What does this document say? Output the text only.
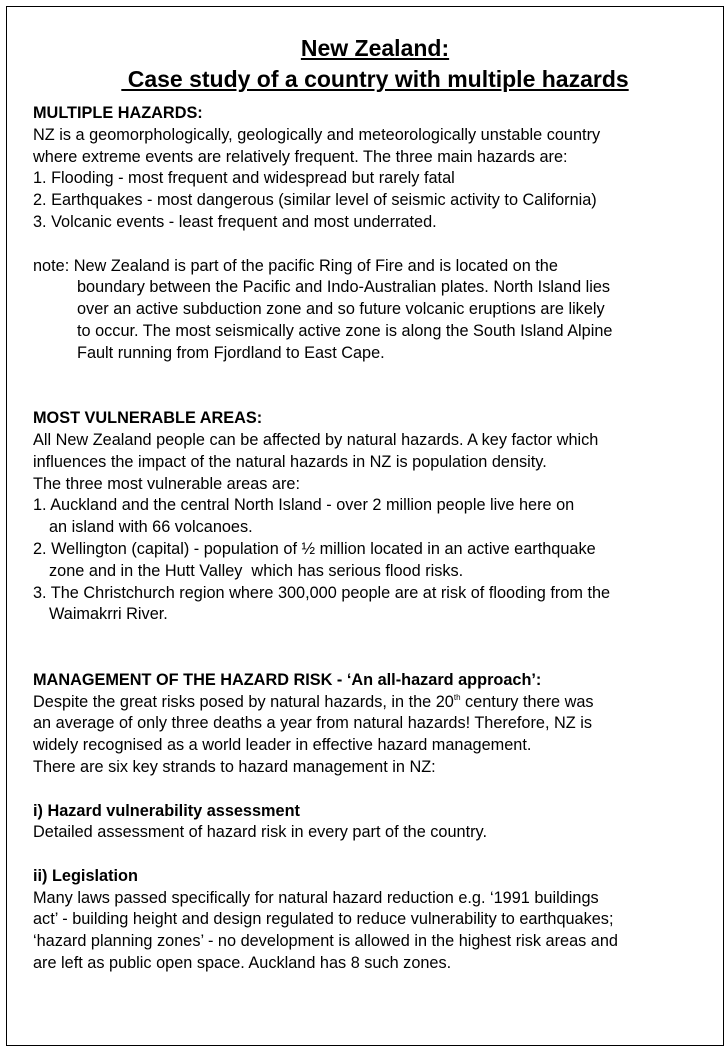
New Zealand:
Case study of a country with multiple hazards

MULTIPLE HAZARDS:

NZ is a geomorphologically, geologically and meteorologically unstable country

where extreme events are relatively frequent. The three main hazards are:

1. Flooding - most frequent and widespread but rarely fatal

2. Earthquakes - most dangerous (similar level of seismic activity to California)

3. Volcanic events - least frequent and most underrated.

note: New Zealand is part of the pacific Ring of Fire and is located on the

boundary between the Pacific and Indo-Australian plates. North Island lies

over an active subduction zone and so future volcanic eruptions are likely

to occur. The most seismically active zone is along the South Island Alpine

Fault running from Fjordland to East Cape.

MOST VULNERABLE AREAS:

All New Zealand people can be affected by natural hazards. A key factor which

influences the impact of the natural hazards in NZ is population density.

The three most vulnerable areas are:

1. Auckland and the central North Island - over 2 million people live here on

an island with 66 volcanoes.

2. Wellington (capital) - population of ½ million located in an active earthquake

zone and in the Hutt Valley  which has serious flood risks.

3. The Christchurch region where 300,000 people are at risk of flooding from the

Waimakrri River.

MANAGEMENT OF THE HAZARD RISK - ‘An all-hazard approach’:

Despite the great risks posed by natural hazards, in the 20th century there was

an average of only three deaths a year from natural hazards! Therefore, NZ is

widely recognised as a world leader in effective hazard management.

There are six key strands to hazard management in NZ:

i) Hazard vulnerability assessment

Detailed assessment of hazard risk in every part of the country.

ii) Legislation

Many laws passed specifically for natural hazard reduction e.g. ‘1991 buildings

act’ - building height and design regulated to reduce vulnerability to earthquakes;

‘hazard planning zones’ - no development is allowed in the highest risk areas and

are left as public open space. Auckland has 8 such zones.
